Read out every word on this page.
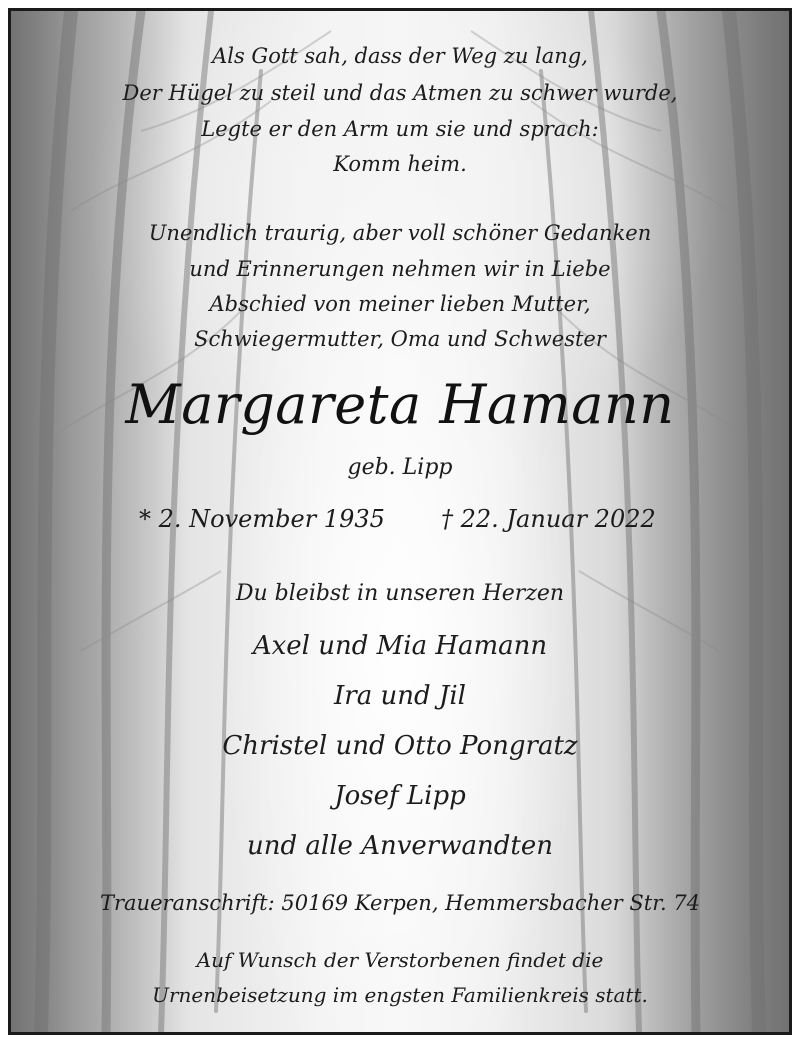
Als Gott sah, dass der Weg zu lang,
Der Hügel zu steil und das Atmen zu schwer wurde,
Legte er den Arm um sie und sprach:
Komm heim.
Unendlich traurig, aber voll schöner Gedanken
und Erinnerungen nehmen wir in Liebe
Abschied von meiner lieben Mutter,
Schwiegermutter, Oma und Schwester
Margareta Hamann
geb. Lipp
* 2. November 1935 † 22. Januar 2022
Du bleibst in unseren Herzen
Axel und Mia Hamann
Ira und Jil
Christel und Otto Pongratz
Josef Lipp
und alle Anverwandten
Traueranschrift: 50169 Kerpen, Hemmersbacher Str. 74
Auf Wunsch der Verstorbenen findet die
Urnenbeisetzung im engsten Familienkreis statt.
